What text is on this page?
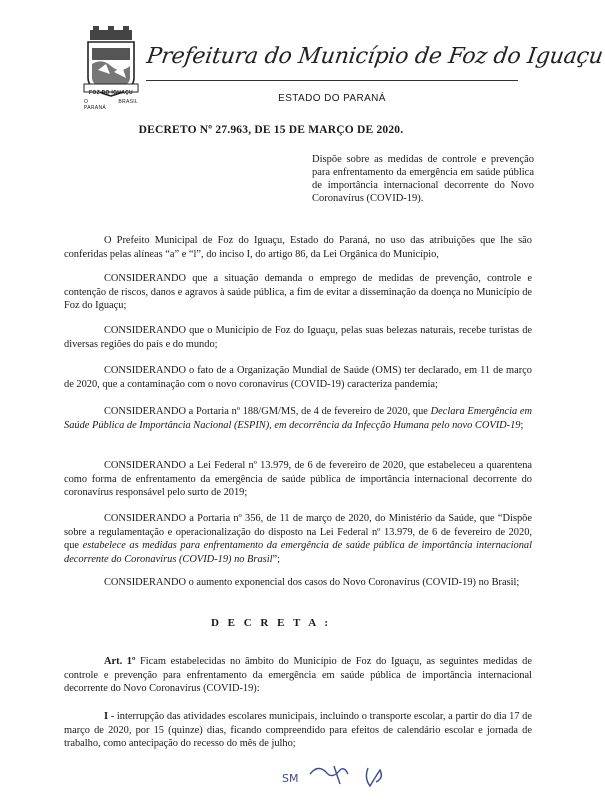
FOZ DO IGUAÇU
O PARANÁ
BRASIL
Prefeitura do Município de Foz do Iguaçu
ESTADO DO PARANÁ
DECRETO Nº 27.963, DE 15 DE MARÇO DE 2020.
Dispõe sobre as medidas de controle e prevenção para enfrentamento da emergência em saúde pública de importância internacional decorrente do Novo Coronavírus (COVID-19).
O Prefeito Municipal de Foz do Iguaçu, Estado do Paraná, no uso das atribuições que lhe são conferidas pelas alíneas “a” e “l”, do inciso I, do artigo 86, da Lei Orgânica do Município,
CONSIDERANDO que a situação demanda o emprego de medidas de prevenção, controle e contenção de riscos, danos e agravos à saúde pública, a fim de evitar a disseminação da doença no Município de Foz do Iguaçu;
CONSIDERANDO que o Município de Foz do Iguaçu, pelas suas belezas naturais, recebe turistas de diversas regiões do país e do mundo;
CONSIDERANDO o fato de a Organização Mundial de Saúde (OMS) ter declarado, em 11 de março de 2020, que a contaminação com o novo coronavírus (COVID-19) caracteriza pandemia;
CONSIDERANDO a Portaria nº 188/GM/MS, de 4 de fevereiro de 2020, que Declara Emergência em Saúde Pública de Importância Nacional (ESPIN), em decorrência da Infecção Humana pelo novo COVID-19;
CONSIDERANDO a Lei Federal nº 13.979, de 6 de fevereiro de 2020, que estabeleceu a quarentena como forma de enfrentamento da emergência de saúde pública de importância internacional decorrente do coronavírus responsável pelo surto de 2019;
CONSIDERANDO a Portaria nº 356, de 11 de março de 2020, do Ministério da Saúde, que “Dispõe sobre a regulamentação e operacionalização do disposto na Lei Federal nº 13.979, de 6 de fevereiro de 2020, que estabelece as medidas para enfrentamento da emergência de saúde pública de importância internacional decorrente do Coronavírus (COVID-19) no Brasil”;
CONSIDERANDO o aumento exponencial dos casos do Novo Coronavírus (COVID-19) no Brasil;
D E C R E T A :
Art. 1º Ficam estabelecidas no âmbito do Município de Foz do Iguaçu, as seguintes medidas de controle e prevenção para enfrentamento da emergência em saúde pública de importância internacional decorrente do Novo Coronavírus (COVID-19):
I - interrupção das atividades escolares municipais, incluindo o transporte escolar, a partir do dia 17 de março de 2020, por 15 (quinze) dias, ficando compreendido para efeitos de calendário escolar e jornada de trabalho, como antecipação do recesso do mês de julho;
SM
